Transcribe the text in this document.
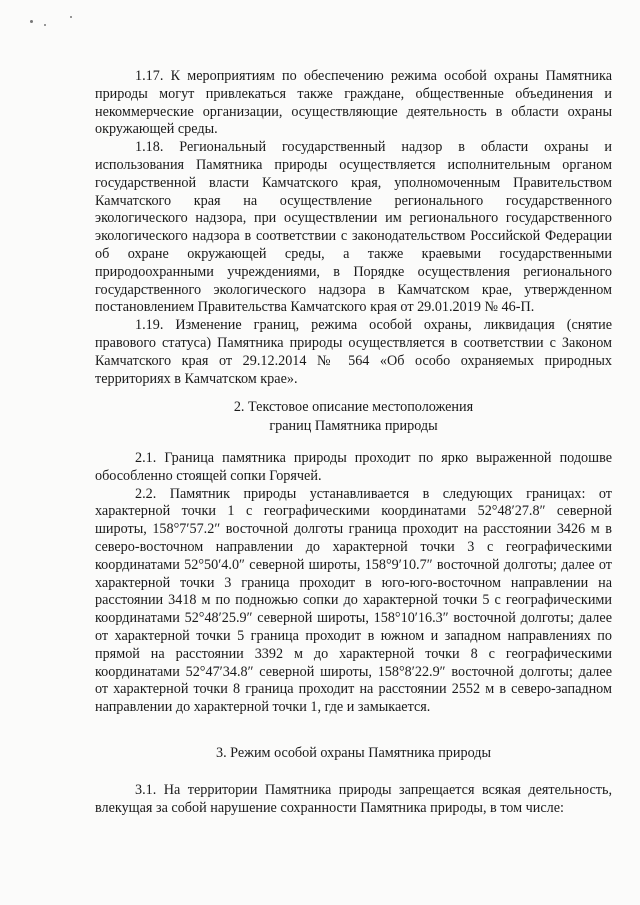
1.17. К мероприятиям по обеспечению режима особой охраны Памятника природы могут привлекаться также граждане, общественные объединения и некоммерческие организации, осуществляющие деятельность в области охраны окружающей среды.

1.18. Региональный государственный надзор в области охраны и использования Памятника природы осуществляется исполнительным органом государственной власти Камчатского края, уполномоченным Правительством Камчатского края на осуществление регионального государственного экологического надзора, при осуществлении им регионального государственного экологического надзора в соответствии с законодательством Российской Федерации об охране окружающей среды, а также краевыми государственными природоохранными учреждениями, в Порядке осуществления регионального государственного экологического надзора в Камчатском крае, утвержденном постановлением Правительства Камчатского края от 29.01.2019 № 46-П.

1.19. Изменение границ, режима особой охраны, ликвидация (снятие правового статуса) Памятника природы осуществляется в соответствии с Законом Камчатского края от 29.12.2014 № 564 «Об особо охраняемых природных территориях в Камчатском крае».

2. Текстовое описание местоположения
границ Памятника природы

2.1. Граница памятника природы проходит по ярко выраженной подошве обособленно стоящей сопки Горячей.

2.2. Памятник природы устанавливается в следующих границах: от характерной точки 1 с географическими координатами 52°48′27.8″ северной широты, 158°7′57.2″ восточной долготы граница проходит на расстоянии 3426 м в северо-восточном направлении до характерной точки 3 с географическими координатами 52°50′4.0″ северной широты, 158°9′10.7″ восточной долготы; далее от характерной точки 3 граница проходит в юго-юго-восточном направлении на расстоянии 3418 м по подножью сопки до характерной точки 5 с географическими координатами 52°48′25.9″ северной широты, 158°10′16.3″ восточной долготы; далее от характерной точки 5 граница проходит в южном и западном направлениях по прямой на расстоянии 3392 м до характерной точки 8 с географическими координатами 52°47′34.8″ северной широты, 158°8′22.9″ восточной долготы; далее от характерной точки 8 граница проходит на расстоянии 2552 м в северо-западном направлении до характерной точки 1, где и замыкается.

3. Режим особой охраны Памятника природы

3.1. На территории Памятника природы запрещается всякая деятельность, влекущая за собой нарушение сохранности Памятника природы, в том числе:
